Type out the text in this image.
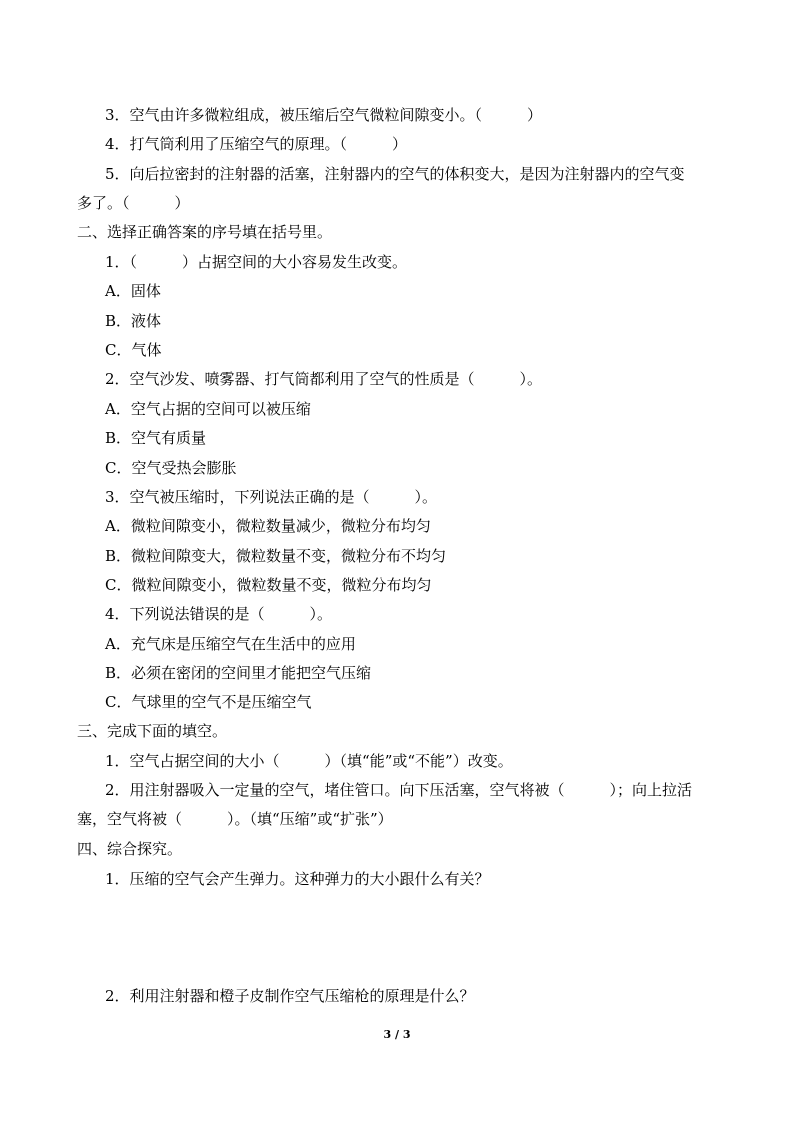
3．空气由许多微粒组成，被压缩后空气微粒间隙变小。（　　　）
4．打气筒利用了压缩空气的原理。（　　　）
5．向后拉密封的注射器的活塞，注射器内的空气的体积变大，是因为注射器内的空气变
多了。（　　　）
二、选择正确答案的序号填在括号里。
1．（　　　）占据空间的大小容易发生改变。
A．固体
B．液体
C．气体
2．空气沙发、喷雾器、打气筒都利用了空气的性质是（　　　）。
A．空气占据的空间可以被压缩
B．空气有质量
C．空气受热会膨胀
3．空气被压缩时，下列说法正确的是（　　　）。
A．微粒间隙变小，微粒数量减少，微粒分布均匀
B．微粒间隙变大，微粒数量不变，微粒分布不均匀
C．微粒间隙变小，微粒数量不变，微粒分布均匀
4．下列说法错误的是（　　　）。
A．充气床是压缩空气在生活中的应用
B．必须在密闭的空间里才能把空气压缩
C．气球里的空气不是压缩空气
三、完成下面的填空。
1．空气占据空间的大小（　　　）（填“能”或“不能”）改变。
2．用注射器吸入一定量的空气，堵住管口。向下压活塞，空气将被（　　　）；向上拉活
塞，空气将被（　　　）。（填“压缩”或“扩张”）
四、综合探究。
1．压缩的空气会产生弹力。这种弹力的大小跟什么有关？
2．利用注射器和橙子皮制作空气压缩枪的原理是什么？
3 / 3
